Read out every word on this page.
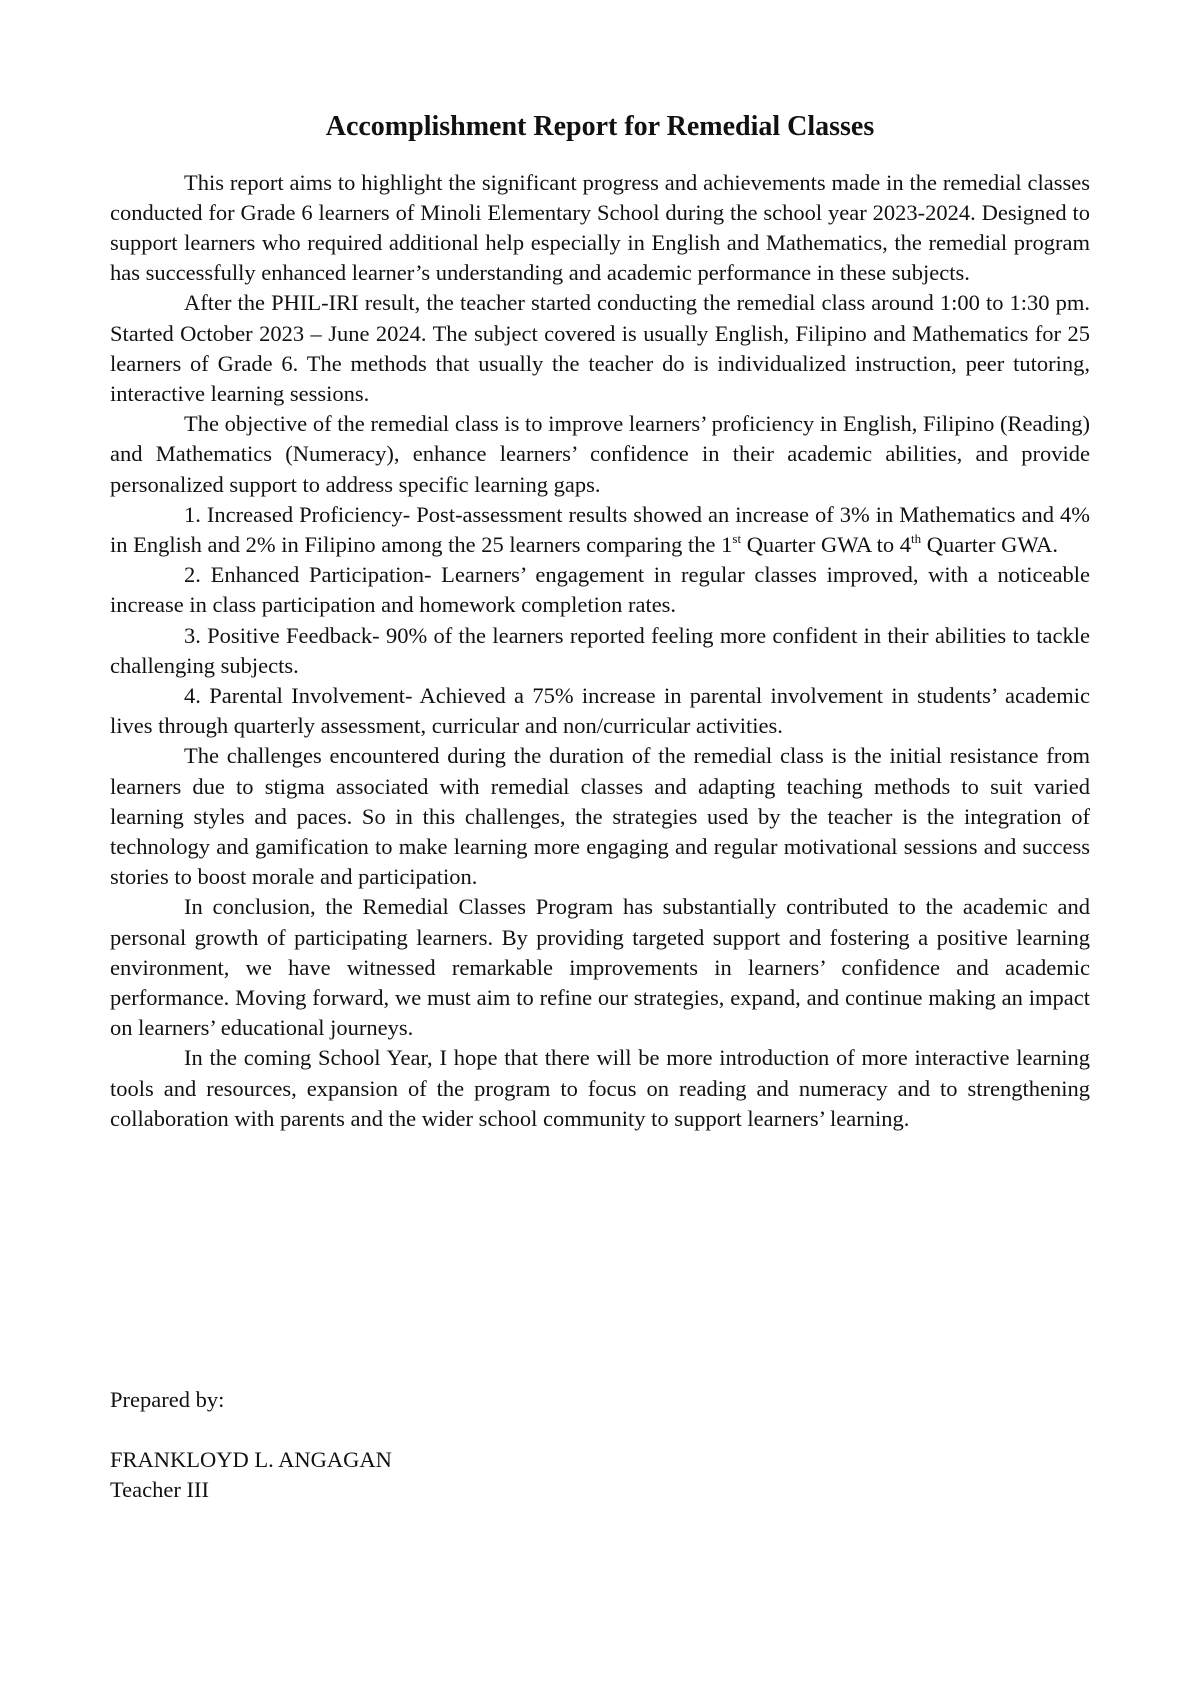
Accomplishment Report for Remedial Classes

This report aims to highlight the significant progress and achievements made in the remedial classes conducted for Grade 6 learners of Minoli Elementary School during the school year 2023-2024. Designed to support learners who required additional help especially in English and Mathematics, the remedial program has successfully enhanced learner’s understanding and academic performance in these subjects.

After the PHIL-IRI result, the teacher started conducting the remedial class around 1:00 to 1:30 pm. Started October 2023 – June 2024. The subject covered is usually English, Filipino and Mathematics for 25 learners of Grade 6. The methods that usually the teacher do is individualized instruction, peer tutoring, interactive learning sessions.

The objective of the remedial class is to improve learners’ proficiency in English, Filipino (Reading) and Mathematics (Numeracy), enhance learners’ confidence in their academic abilities, and provide personalized support to address specific learning gaps.

1. Increased Proficiency- Post-assessment results showed an increase of 3% in Mathematics and 4% in English and 2% in Filipino among the 25 learners comparing the 1st Quarter GWA to 4th Quarter GWA.

2. Enhanced Participation- Learners’ engagement in regular classes improved, with a noticeable increase in class participation and homework completion rates.

3. Positive Feedback- 90% of the learners reported feeling more confident in their abilities to tackle challenging subjects.

4. Parental Involvement- Achieved a 75% increase in parental involvement in students’ academic lives through quarterly assessment, curricular and non/curricular activities.

The challenges encountered during the duration of the remedial class is the initial resistance from learners due to stigma associated with remedial classes and adapting teaching methods to suit varied learning styles and paces. So in this challenges, the strategies used by the teacher is the integration of technology and gamification to make learning more engaging and regular motivational sessions and success stories to boost morale and participation.

In conclusion, the Remedial Classes Program has substantially contributed to the academic and personal growth of participating learners. By providing targeted support and fostering a positive learning environment, we have witnessed remarkable improvements in learners’ confidence and academic performance. Moving forward, we must aim to refine our strategies, expand, and continue making an impact on learners’ educational journeys.

In the coming School Year, I hope that there will be more introduction of more interactive learning tools and resources, expansion of the program to focus on reading and numeracy and to strengthening collaboration with parents and the wider school community to support learners’ learning.

Prepared by:

FRANKLOYD L. ANGAGAN

Teacher III
